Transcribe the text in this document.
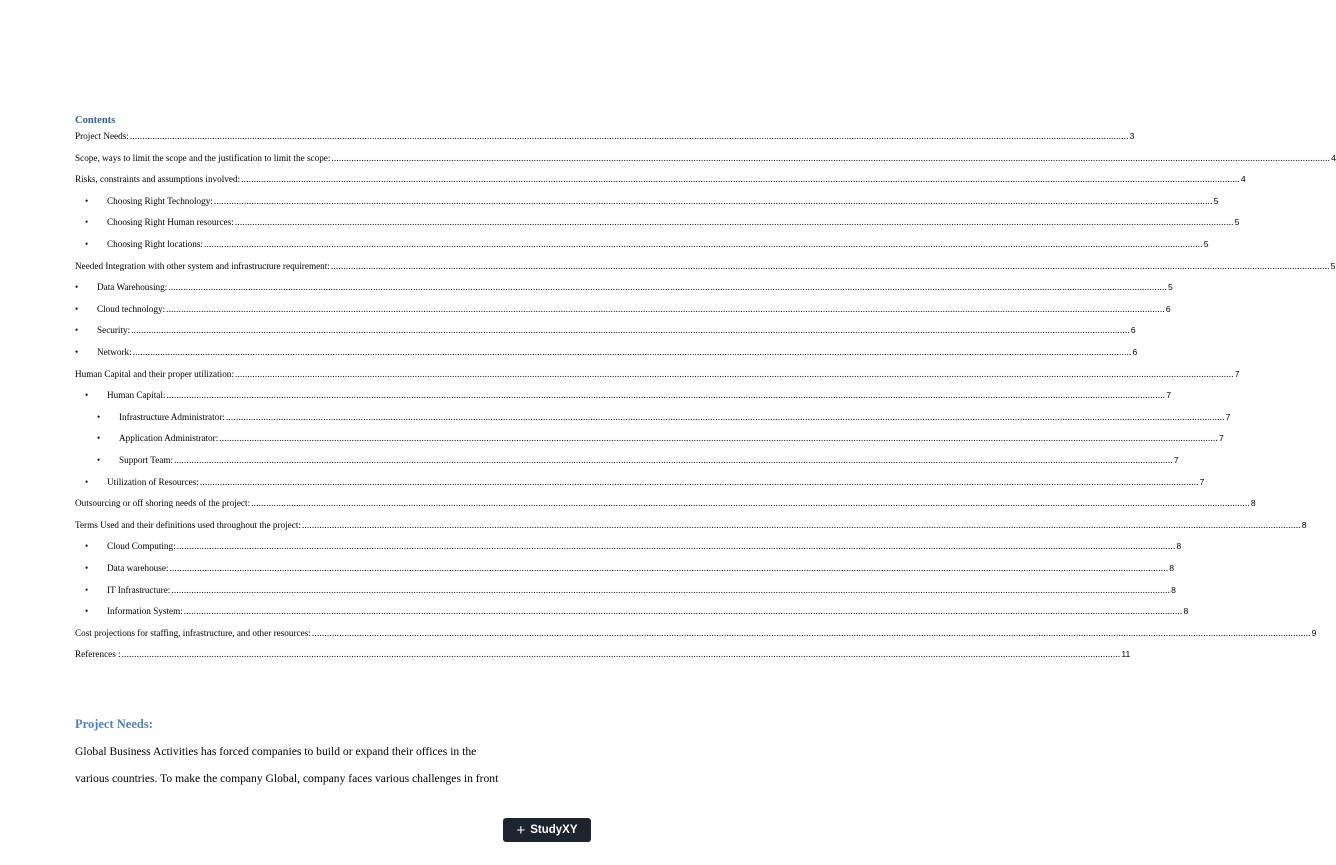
Contents
Project Needs: ................................................................................................................................................................................................................................................................................................................................................................................................................ 3
Scope, ways to limit the scope and the justification to limit the scope: ................................................................................................................................................................................................................................................................................................................................................................................................................ 4
Risks, constraints and assumptions involved: ................................................................................................................................................................................................................................................................................................................................................................................................................ 4
•	Choosing Right Technology: ................................................................................................................................................................................................................................................................................................................................................................................................................ 5
•	Choosing Right Human resources: ................................................................................................................................................................................................................................................................................................................................................................................................................ 5
•	Choosing Right locations: ................................................................................................................................................................................................................................................................................................................................................................................................................ 5
Needed Integration with other system and infrastructure requirement: ................................................................................................................................................................................................................................................................................................................................................................................................................ 5
•	Data Warehousing: ................................................................................................................................................................................................................................................................................................................................................................................................................ 5
•	Cloud technology: ................................................................................................................................................................................................................................................................................................................................................................................................................ 6
•	Security: ................................................................................................................................................................................................................................................................................................................................................................................................................ 6
•	Network: ................................................................................................................................................................................................................................................................................................................................................................................................................ 6
Human Capital and their proper utilization: ................................................................................................................................................................................................................................................................................................................................................................................................................ 7
•	Human Capital: ................................................................................................................................................................................................................................................................................................................................................................................................................ 7
•	Infrastructure Administrator: ................................................................................................................................................................................................................................................................................................................................................................................................................ 7
•	Application Administrator: ................................................................................................................................................................................................................................................................................................................................................................................................................ 7
•	Support Team: ................................................................................................................................................................................................................................................................................................................................................................................................................ 7
•	Utilization of Resources: ................................................................................................................................................................................................................................................................................................................................................................................................................ 7
Outsourcing or off shoring needs of the project: ................................................................................................................................................................................................................................................................................................................................................................................................................ 8
Terms Used and their definitions used throughout the project: ................................................................................................................................................................................................................................................................................................................................................................................................................ 8
•	Cloud Computing: ................................................................................................................................................................................................................................................................................................................................................................................................................ 8
•	Data warehouse: ................................................................................................................................................................................................................................................................................................................................................................................................................ 8
•	IT Infrastructure: ................................................................................................................................................................................................................................................................................................................................................................................................................ 8
•	Information System: ................................................................................................................................................................................................................................................................................................................................................................................................................ 8
Cost projections for staffing, infrastructure, and other resources: ................................................................................................................................................................................................................................................................................................................................................................................................................ 9
References : ................................................................................................................................................................................................................................................................................................................................................................................................................ 11
Project Needs:
Global Business Activities has forced companies to build or expand their offices in the
various countries. To make the company Global, company faces various challenges in front
+ StudyXY
